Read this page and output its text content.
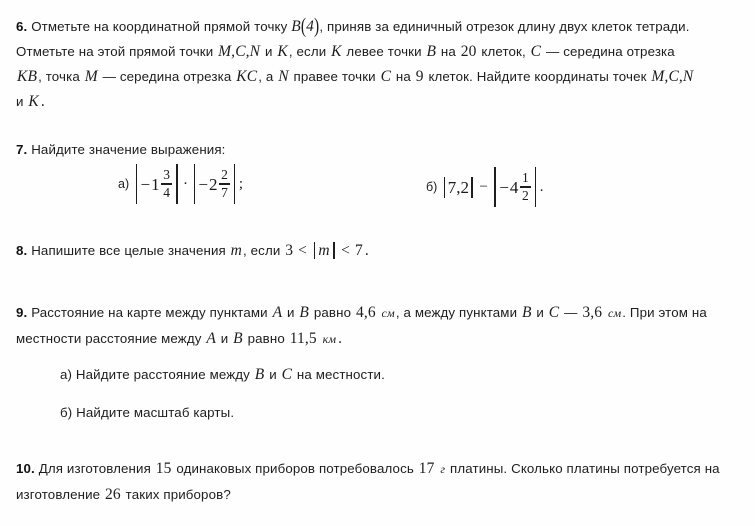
6. Отметьте на координатной прямой точку B(4), приняв за единичный отрезок длину двух клеток тетради.
Отметьте на этой прямой точки M,C,N и K, если K левее точки B на 20 клеток, C — середина отрезка
KB, точка M — середина отрезка KC, а N правее точки C на 9 клеток. Найдите координаты точек M,C,N
и K .
7. Найдите значение выражения:
$а) - 1 \frac{3}{4}$ · − $2 \frac{2}{7}$ ;	б) 7,2 − − $4 \frac{1}{2}$ .
8. Напишите все целые значения m, если 3 < m < 7 .
9. Расстояние на карте между пунктами A и B равно 4,6 см, а между пунктами B и C — 3,6 см. При этом на
местности расстояние между A и B равно 11,5 км .
а) Найдите расстояние между B и C на местности.
б) Найдите масштаб карты.
10. Для изготовления 15 одинаковых приборов потребовалось 17 г платины. Сколько платины потребуется на
изготовление 26 таких приборов?
